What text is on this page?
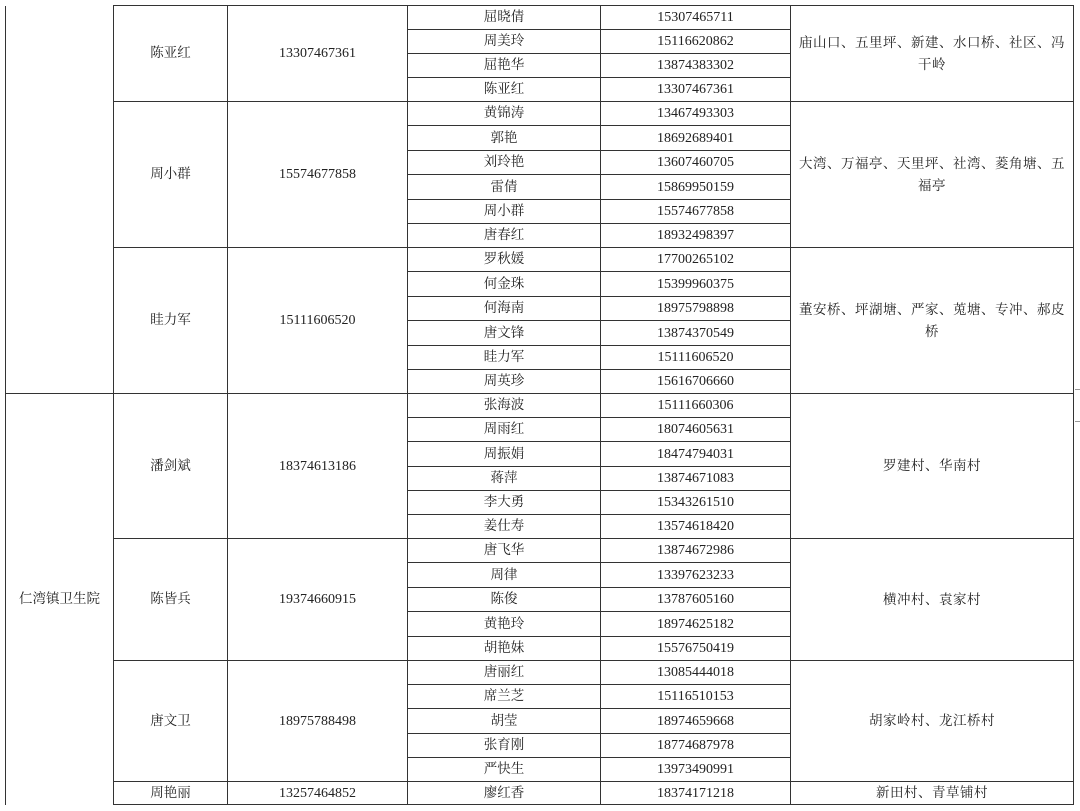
	陈亚红	13307467361	屈晓倩	15307465711	庙山口、五里坪、新建、水口桥、社区、冯干岭
			周美玲	15116620862	
			屈艳华	13874383302	
			陈亚红	13307467361	
	周小群	15574677858	黄锦涛	13467493303	大湾、万福亭、天里坪、社湾、菱角塘、五福亭
			郭艳	18692689401	
			刘玲艳	13607460705	
			雷倩	15869950159	
			周小群	15574677858	
			唐春红	18932498397	
	眭力军	15111606520	罗秋媛	17700265102	董安桥、坪湖塘、严家、莵塘、专冲、郝皮桥
			何金珠	15399960375	
			何海南	18975798898	
			唐文锋	13874370549	
			眭力军	15111606520	
			周英珍	15616706660	
仁湾镇卫生院	潘剑斌	18374613186	张海波	15111660306	罗建村、华南村
			周雨红	18074605631	
			周振娟	18474794031	
			蒋萍	13874671083	
			李大勇	15343261510	
			姜仕寿	13574618420	
	陈皆兵	19374660915	唐飞华	13874672986	横冲村、袁家村
			周律	13397623233	
			陈俊	13787605160	
			黄艳玲	18974625182	
			胡艳妹	15576750419	
	唐文卫	18975788498	唐丽红	13085444018	胡家岭村、龙江桥村
			席兰芝	15116510153	
			胡莹	18974659668	
			张育刚	18774687978	
			严快生	13973490991	
	周艳丽	13257464852	廖红香	18374171218	新田村、青草铺村
